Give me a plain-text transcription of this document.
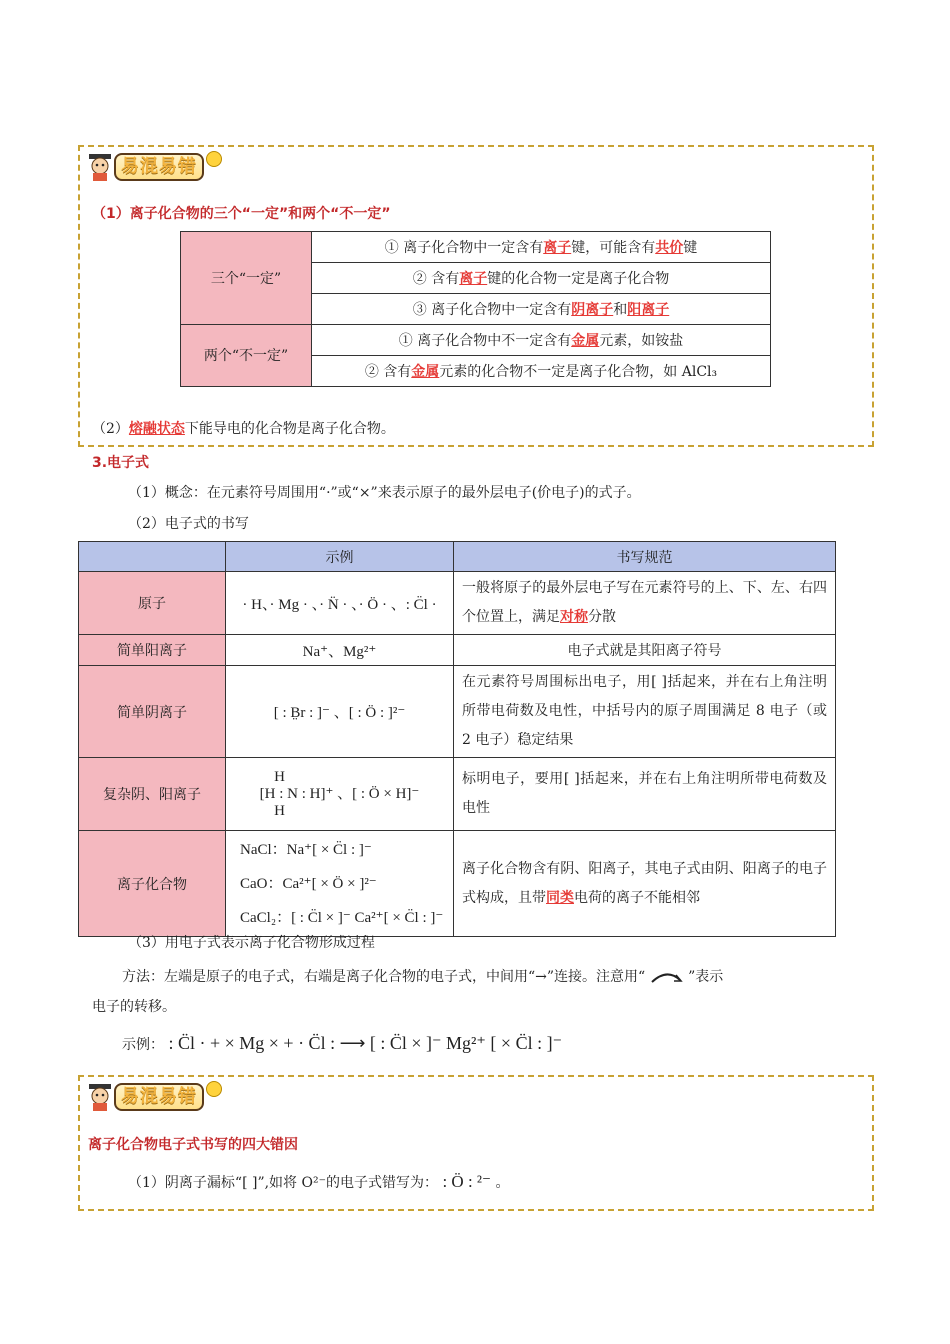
易混易错
（1）离子化合物的三个“一定”和两个“不一定”
三个“一定”	① 离子化合物中一定含有离子键，可能含有共价键
	② 含有离子键的化合物一定是离子化合物
	③ 离子化合物中一定含有阴离子和阳离子
两个“不一定”	① 离子化合物中不一定含有金属元素，如铵盐
	② 含有金属元素的化合物不一定是离子化合物，如 AlCl₃
（2）熔融状态下能导电的化合物是离子化合物。
3.电子式
（1）概念：在元素符号周围用“·”或“×”来表示原子的最外层电子(价电子)的式子。
（2）电子式的书写
	示例	书写规范
原子	· H、· Mg · 、· N̈ · 、· Ö · 、: C̈l ·	一般将原子的最外层电子写在元素符号的上、下、左、右四个位置上，满足对称分散
简单阳离子	Na⁺、Mg²⁺	电子式就是其阳离子符号
简单阴离子	[ : B̤r : ]⁻ 、[ : Ö : ]²⁻	在元素符号周围标出电子，用[ ]括起来，并在右上角注明所带电荷数及电性，中括号内的原子周围满足 8 电子（或 2 电子）稳定结果
复杂阴、阳离子	H
[H : N : H]⁺ 、[ : Ö × H]⁻
H	标明电子，要用[ ]括起来，并在右上角注明所带电荷数及电性
离子化合物	NaCl：Na⁺[ × C̈l : ]⁻
CaO：Ca²⁺[ × Ö × ]²⁻
CaCl₂：[ : C̈l × ]⁻ Ca²⁺[ × C̈l : ]⁻	离子化合物含有阴、阳离子，其电子式由阴、阳离子的电子式构成，且带同类电荷的离子不能相邻
（3）用电子式表示离子化合物形成过程
方法：左端是原子的电子式，右端是离子化合物的电子式，中间用“→”连接。注意用“	”表示
电子的转移。
示例： : C̈l · + × Mg × + · C̈l : ⟶ [ : C̈l × ]⁻ Mg²⁺ [ × C̈l : ]⁻
易混易错
离子化合物电子式书写的四大错因
（1）阴离子漏标“[ ]”,如将 O²⁻的电子式错写为： : Ö : ²⁻ 。
